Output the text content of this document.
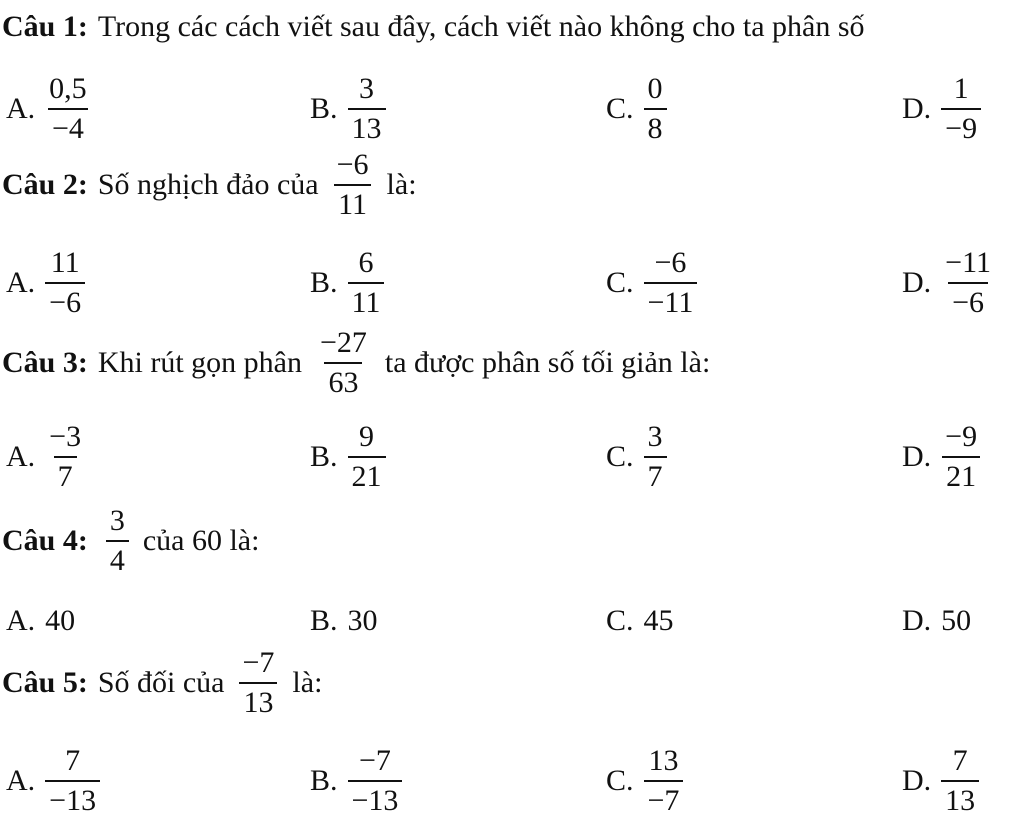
Câu 1: Trong các cách viết sau đây, cách viết nào không cho ta phân số
A. $\frac{0,5}{-4}$	B. $\frac{3}{13}$	C. $\frac{0}{8}$	D. $\frac{1}{-9}$
Câu 2: Số nghịch đảo của $\frac{-6}{11}$ là:
A. $\frac{11}{-6}$	B. $\frac{6}{11}$	C. $\frac{-6}{-11}$	D. $\frac{-11}{-6}$
Câu 3: Khi rút gọn phân $\frac{-27}{63}$ ta được phân số tối giản là:
A. $\frac{-3}{7}$	B. $\frac{9}{21}$	C. $\frac{3}{7}$	D. $\frac{-9}{21}$
Câu 4: $\frac{3}{4}$ của 60 là:
A. 40	B. 30	C. 45	D. 50
Câu 5: Số đối của $\frac{-7}{13}$ là:
A. $\frac{7}{-13}$	B. $\frac{-7}{-13}$	C. $\frac{13}{-7}$	D. $\frac{7}{13}$
